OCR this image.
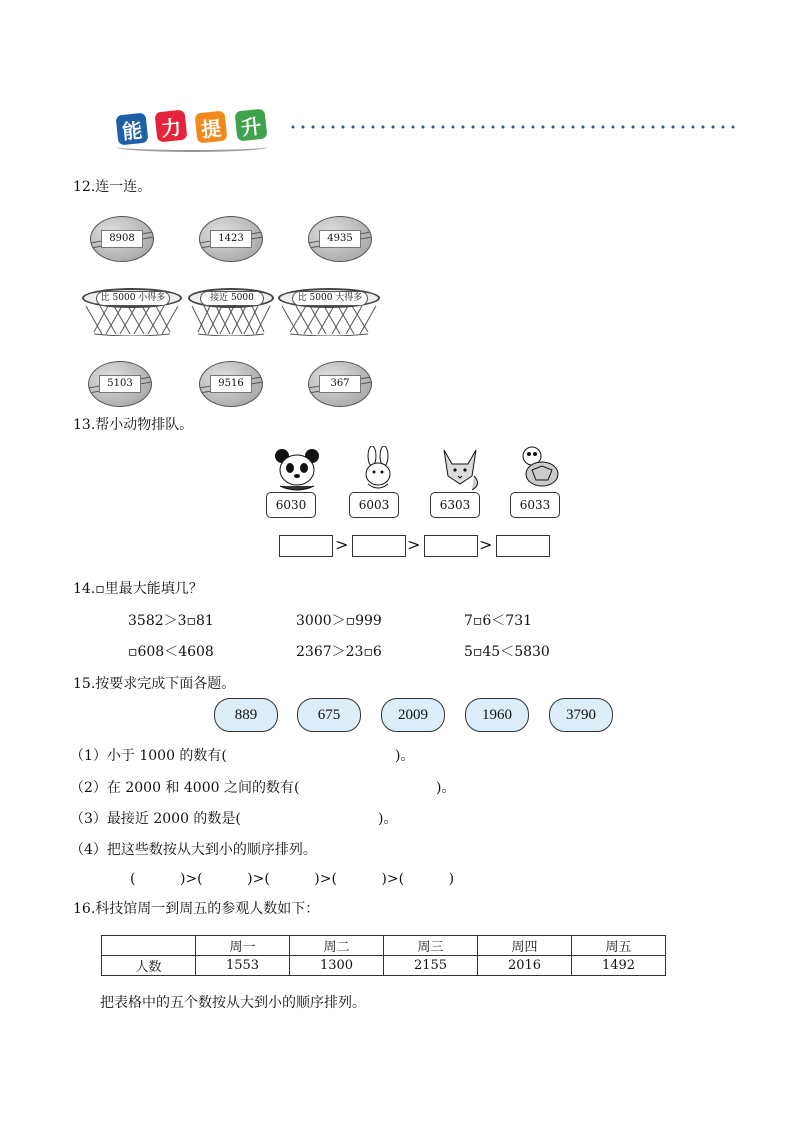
能 力 提 升
12.连一连。
8908	1423	4935
比 5000 小得多	接近 5000	比 5000 大得多
5103	9516	367
13.帮小动物排队。
6030	6003	6303	6033
>	>	>
14.▫里最大能填几？
3582＞3▫81	3000＞▫999	7▫6＜731
▫608＜4608	2367＞23▫6	5▫45＜5830
15.按要求完成下面各题。
889	675	2009	1960	3790
（1）小于 1000 的数有(	)。
（2）在 2000 和 4000 之间的数有(	)。
（3）最接近 2000 的数是(	)。
（4）把这些数按从大到小的顺序排列。
(          )>(          )>(          )>(          )>(          )
16.科技馆周一到周五的参观人数如下：
	周一	周二	周三	周四	周五
人数	1553	1300	2155	2016	1492
把表格中的五个数按从大到小的顺序排列。
